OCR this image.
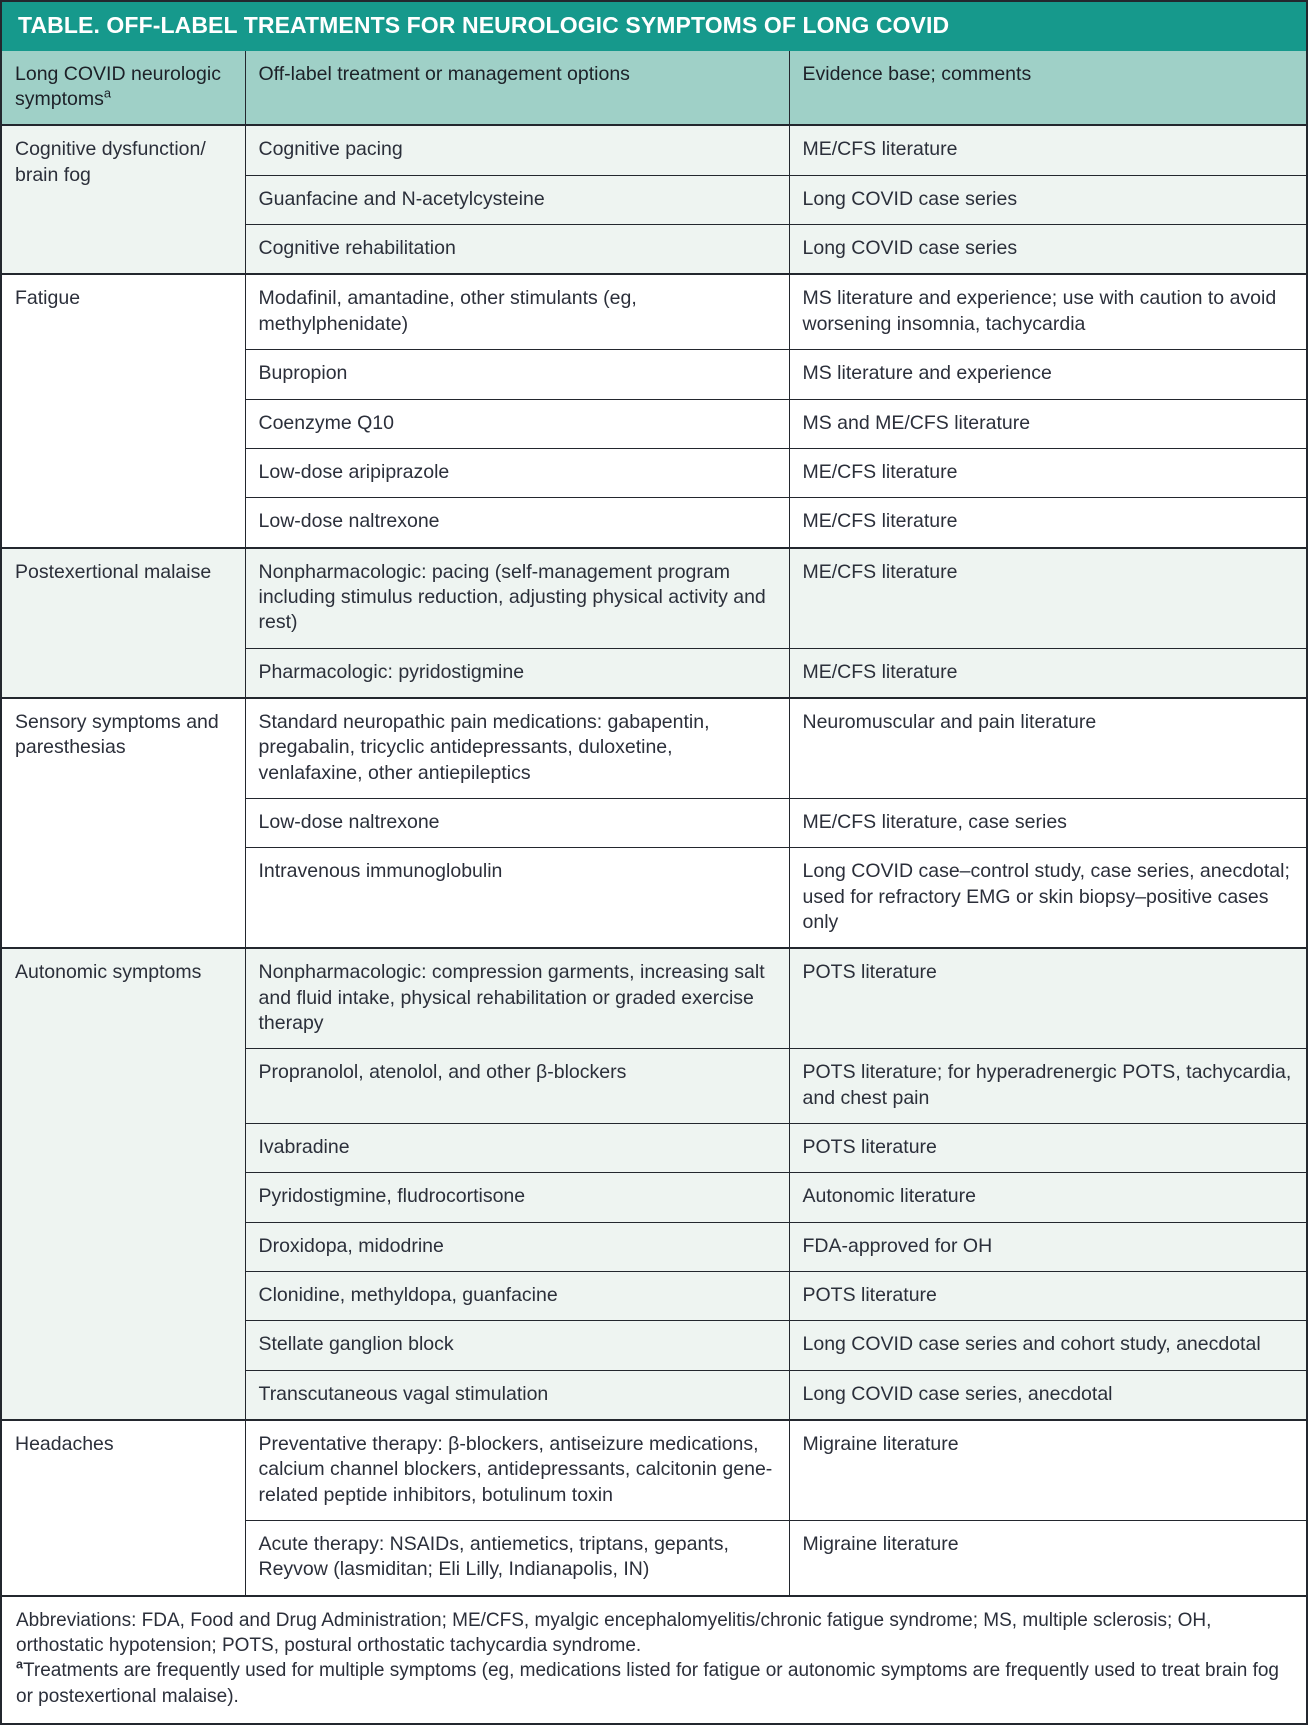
TABLE. OFF-LABEL TREATMENTS FOR NEUROLOGIC SYMPTOMS OF LONG COVID
Long COVID neurologic symptoms$^a$	Off-label treatment or management options	Evidence base; comments
Cognitive dysfunction/ brain fog	Cognitive pacing	ME/CFS literature
	Guanfacine and N-acetylcysteine	Long COVID case series
	Cognitive rehabilitation	Long COVID case series
Fatigue	Modafinil, amantadine, other stimulants (eg, methylphenidate)	MS literature and experience; use with caution to avoid worsening insomnia, tachycardia
	Bupropion	MS literature and experience
	Coenzyme Q10	MS and ME/CFS literature
	Low-dose aripiprazole	ME/CFS literature
	Low-dose naltrexone	ME/CFS literature
Postexertional malaise	Nonpharmacologic: pacing (self-management program including stimulus reduction, adjusting physical activity and rest)	ME/CFS literature
	Pharmacologic: pyridostigmine	ME/CFS literature
Sensory symptoms and paresthesias	Standard neuropathic pain medications: gabapentin, pregabalin, tricyclic antidepressants, duloxetine, venlafaxine, other antiepileptics	Neuromuscular and pain literature
	Low-dose naltrexone	ME/CFS literature, case series
	Intravenous immunoglobulin	Long COVID case–control study, case series, anecdotal; used for refractory EMG or skin biopsy–positive cases only
Autonomic symptoms	Nonpharmacologic: compression garments, increasing salt and fluid intake, physical rehabilitation or graded exercise therapy	POTS literature
	Propranolol, atenolol, and other β-blockers	POTS literature; for hyperadrenergic POTS, tachycardia, and chest pain
	Ivabradine	POTS literature
	Pyridostigmine, fludrocortisone	Autonomic literature
	Droxidopa, midodrine	FDA-approved for OH
	Clonidine, methyldopa, guanfacine	POTS literature
	Stellate ganglion block	Long COVID case series and cohort study, anecdotal
	Transcutaneous vagal stimulation	Long COVID case series, anecdotal
Headaches	Preventative therapy: β-blockers, antiseizure medications, calcium channel blockers, antidepressants, calcitonin gene-related peptide inhibitors, botulinum toxin	Migraine literature
	Acute therapy: NSAIDs, antiemetics, triptans, gepants, Reyvow (lasmiditan; Eli Lilly, Indianapolis, IN)	Migraine literature

Abbreviations: FDA, Food and Drug Administration; ME/CFS, myalgic encephalomyelitis/chronic fatigue syndrome; MS, multiple sclerosis; OH, orthostatic hypotension; POTS, postural orthostatic tachycardia syndrome.

$^a$Treatments are frequently used for multiple symptoms (eg, medications listed for fatigue or autonomic symptoms are frequently used to treat brain fog or postexertional malaise).
